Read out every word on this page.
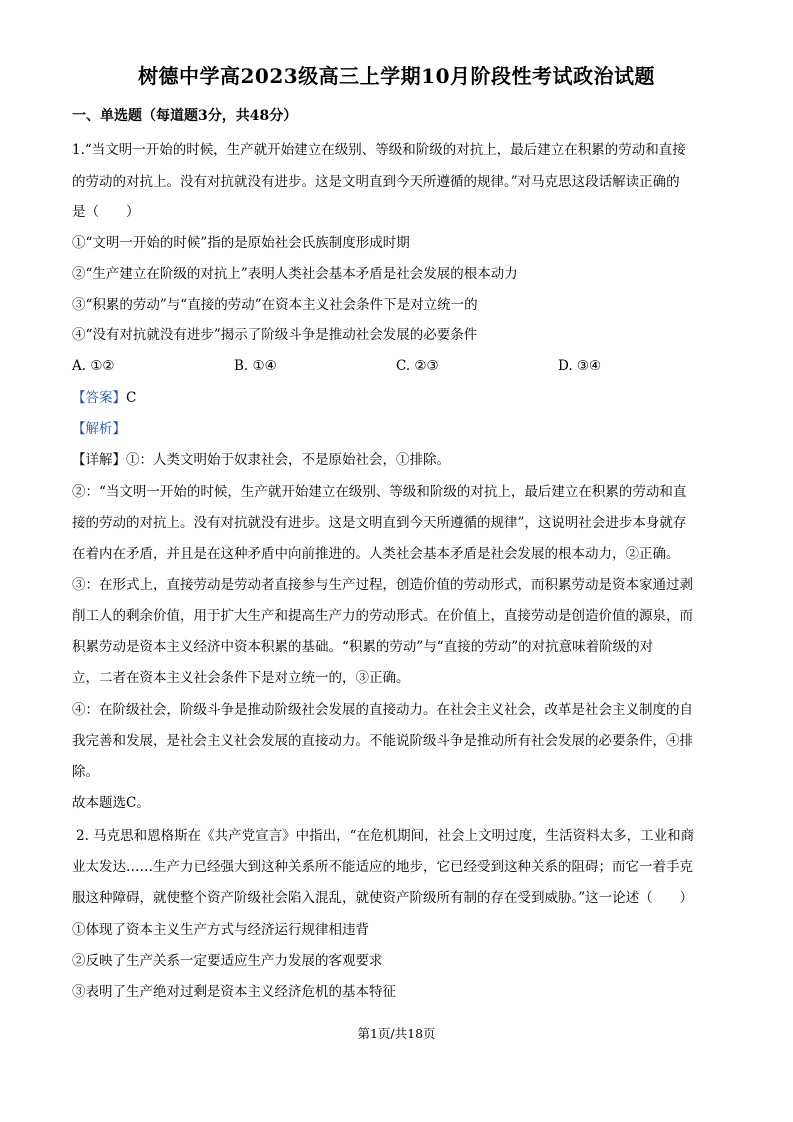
树德中学高2023级高三上学期10月阶段性考试政治试题
一、单选题（每道题3分，共48分）
1.“当文明一开始的时候，生产就开始建立在级别、等级和阶级的对抗上，最后建立在积累的劳动和直接
的劳动的对抗上。没有对抗就没有进步。这是文明直到今天所遵循的规律。”对马克思这段话解读正确的
是（　　）
①“文明一开始的时候”指的是原始社会氏族制度形成时期
②“生产建立在阶级的对抗上”表明人类社会基本矛盾是社会发展的根本动力
③“积累的劳动”与“直接的劳动”在资本主义社会条件下是对立统一的
④“没有对抗就没有进步”揭示了阶级斗争是推动社会发展的必要条件
A. ①②	B. ①④	C. ②③	D. ③④
【答案】C
【解析】
【详解】①：人类文明始于奴隶社会，不是原始社会，①排除。
②：“当文明一开始的时候，生产就开始建立在级别、等级和阶级的对抗上，最后建立在积累的劳动和直
接的劳动的对抗上。没有对抗就没有进步。这是文明直到今天所遵循的规律”，这说明社会进步本身就存
在着内在矛盾，并且是在这种矛盾中向前推进的。人类社会基本矛盾是社会发展的根本动力，②正确。
③：在形式上，直接劳动是劳动者直接参与生产过程，创造价值的劳动形式，而积累劳动是资本家通过剥
削工人的剩余价值，用于扩大生产和提高生产力的劳动形式。在价值上，直接劳动是创造价值的源泉，而
积累劳动是资本主义经济中资本积累的基础。“积累的劳动”与“直接的劳动”的对抗意味着阶级的对
立，二者在资本主义社会条件下是对立统一的，③正确。
④：在阶级社会，阶级斗争是推动阶级社会发展的直接动力。在社会主义社会，改革是社会主义制度的自
我完善和发展，是社会主义社会发展的直接动力。不能说阶级斗争是推动所有社会发展的必要条件，④排
除。
故本题选C。
2. 马克思和恩格斯在《共产党宣言》中指出，“在危机期间，社会上文明过度，生活资料太多，工业和商
业太发达……生产力已经强大到这种关系所不能适应的地步，它已经受到这种关系的阻碍；而它一着手克
服这种障碍，就使整个资产阶级社会陷入混乱，就使资产阶级所有制的存在受到威胁。”这一论述（　　）
①体现了资本主义生产方式与经济运行规律相违背
②反映了生产关系一定要适应生产力发展的客观要求
③表明了生产绝对过剩是资本主义经济危机的基本特征
第1页/共18页
